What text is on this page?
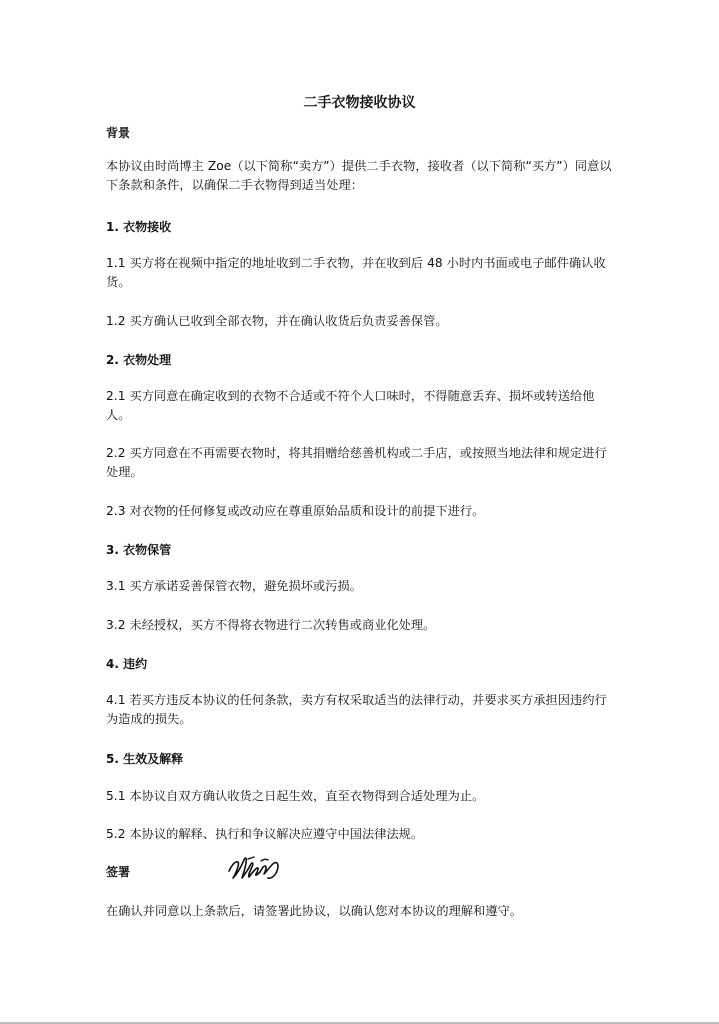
二手衣物接收协议
背景
本协议由时尚博主 Zoe（以下简称“卖方”）提供二手衣物，接收者（以下简称“买方”）同意以下条款和条件，以确保二手衣物得到适当处理：
1. 衣物接收
1.1 买方将在视频中指定的地址收到二手衣物，并在收到后 48 小时内书面或电子邮件确认收货。
1.2 买方确认已收到全部衣物，并在确认收货后负责妥善保管。
2. 衣物处理
2.1 买方同意在确定收到的衣物不合适或不符个人口味时，不得随意丢弃、损坏或转送给他人。
2.2 买方同意在不再需要衣物时，将其捐赠给慈善机构或二手店，或按照当地法律和规定进行处理。
2.3 对衣物的任何修复或改动应在尊重原始品质和设计的前提下进行。
3. 衣物保管
3.1 买方承诺妥善保管衣物，避免损坏或污损。
3.2 未经授权，买方不得将衣物进行二次转售或商业化处理。
4. 违约
4.1 若买方违反本协议的任何条款，卖方有权采取适当的法律行动，并要求买方承担因违约行为造成的损失。
5. 生效及解释
5.1 本协议自双方确认收货之日起生效，直至衣物得到合适处理为止。
5.2 本协议的解释、执行和争议解决应遵守中国法律法规。
签署
在确认并同意以上条款后，请签署此协议，以确认您对本协议的理解和遵守。
